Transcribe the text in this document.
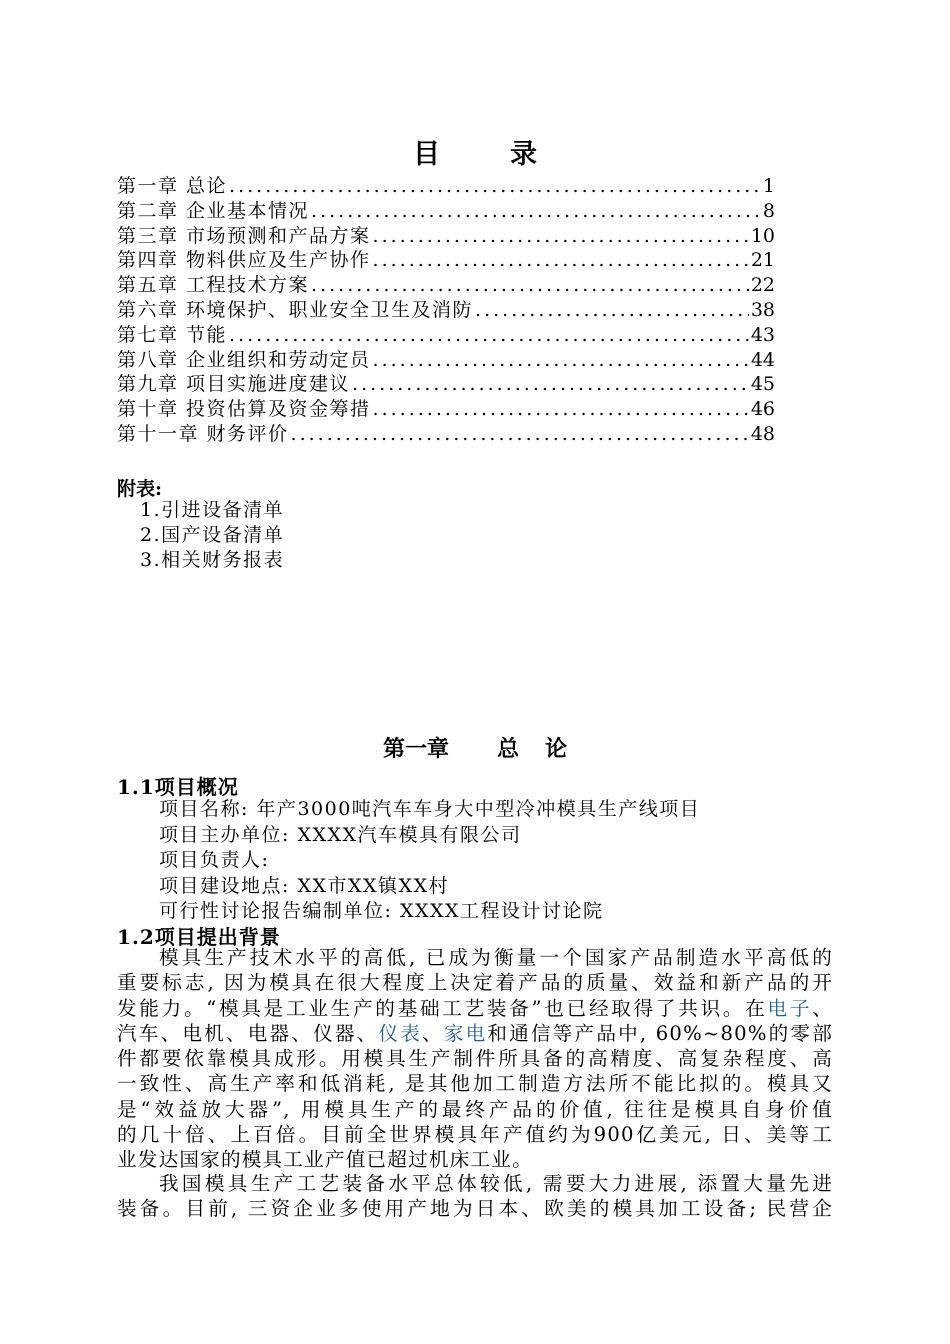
目	录
第一章 总论 .....	1
第二章 企业基本情况 .....	8
第三章 市场预测和产品方案 .....	10
第四章 物料供应及生产协作 .....	21
第五章 工程技术方案 .....	22
第六章 环境保护、职业安全卫生及消防 .....	38
第七章 节能 .....	43
第八章 企业组织和劳动定员 .....	44
第九章 项目实施进度建议 .....	45
第十章 投资估算及资金筹措 .....	46
第十一章 财务评价 .....	48
附表:
1.引进设备清单
2.国产设备清单
3.相关财务报表
第一章 总 论
1.1项目概况
项目名称: 年产3000吨汽车车身大中型冷冲模具生产线项目
项目主办单位: XXXX汽车模具有限公司
项目负责人:
项目建设地点: XX市XX镇XX村
可行性讨论报告编制单位: XXXX工程设计讨论院
1.2项目提出背景
模具生产技术水平的高低, 已成为衡量一个国家产品制造水平高低的
重要标志, 因为模具在很大程度上决定着产品的质量、效益和新产品的开
发能力。“模具是工业生产的基础工艺装备”也已经取得了共识。在电子、
汽车、电机、电器、仪器、仪表、家电和通信等产品中, 60%~80%的零部
件都要依靠模具成形。用模具生产制件所具备的高精度、高复杂程度、高
一致性、高生产率和低消耗, 是其他加工制造方法所不能比拟的。模具又
是“效益放大器”, 用模具生产的最终产品的价值, 往往是模具自身价值
的几十倍、上百倍。目前全世界模具年产值约为900亿美元, 日、美等工
业发达国家的模具工业产值已超过机床工业。
我国模具生产工艺装备水平总体较低, 需要大力进展, 添置大量先进
装备。目前, 三资企业多使用产地为日本、欧美的模具加工设备; 民营企
